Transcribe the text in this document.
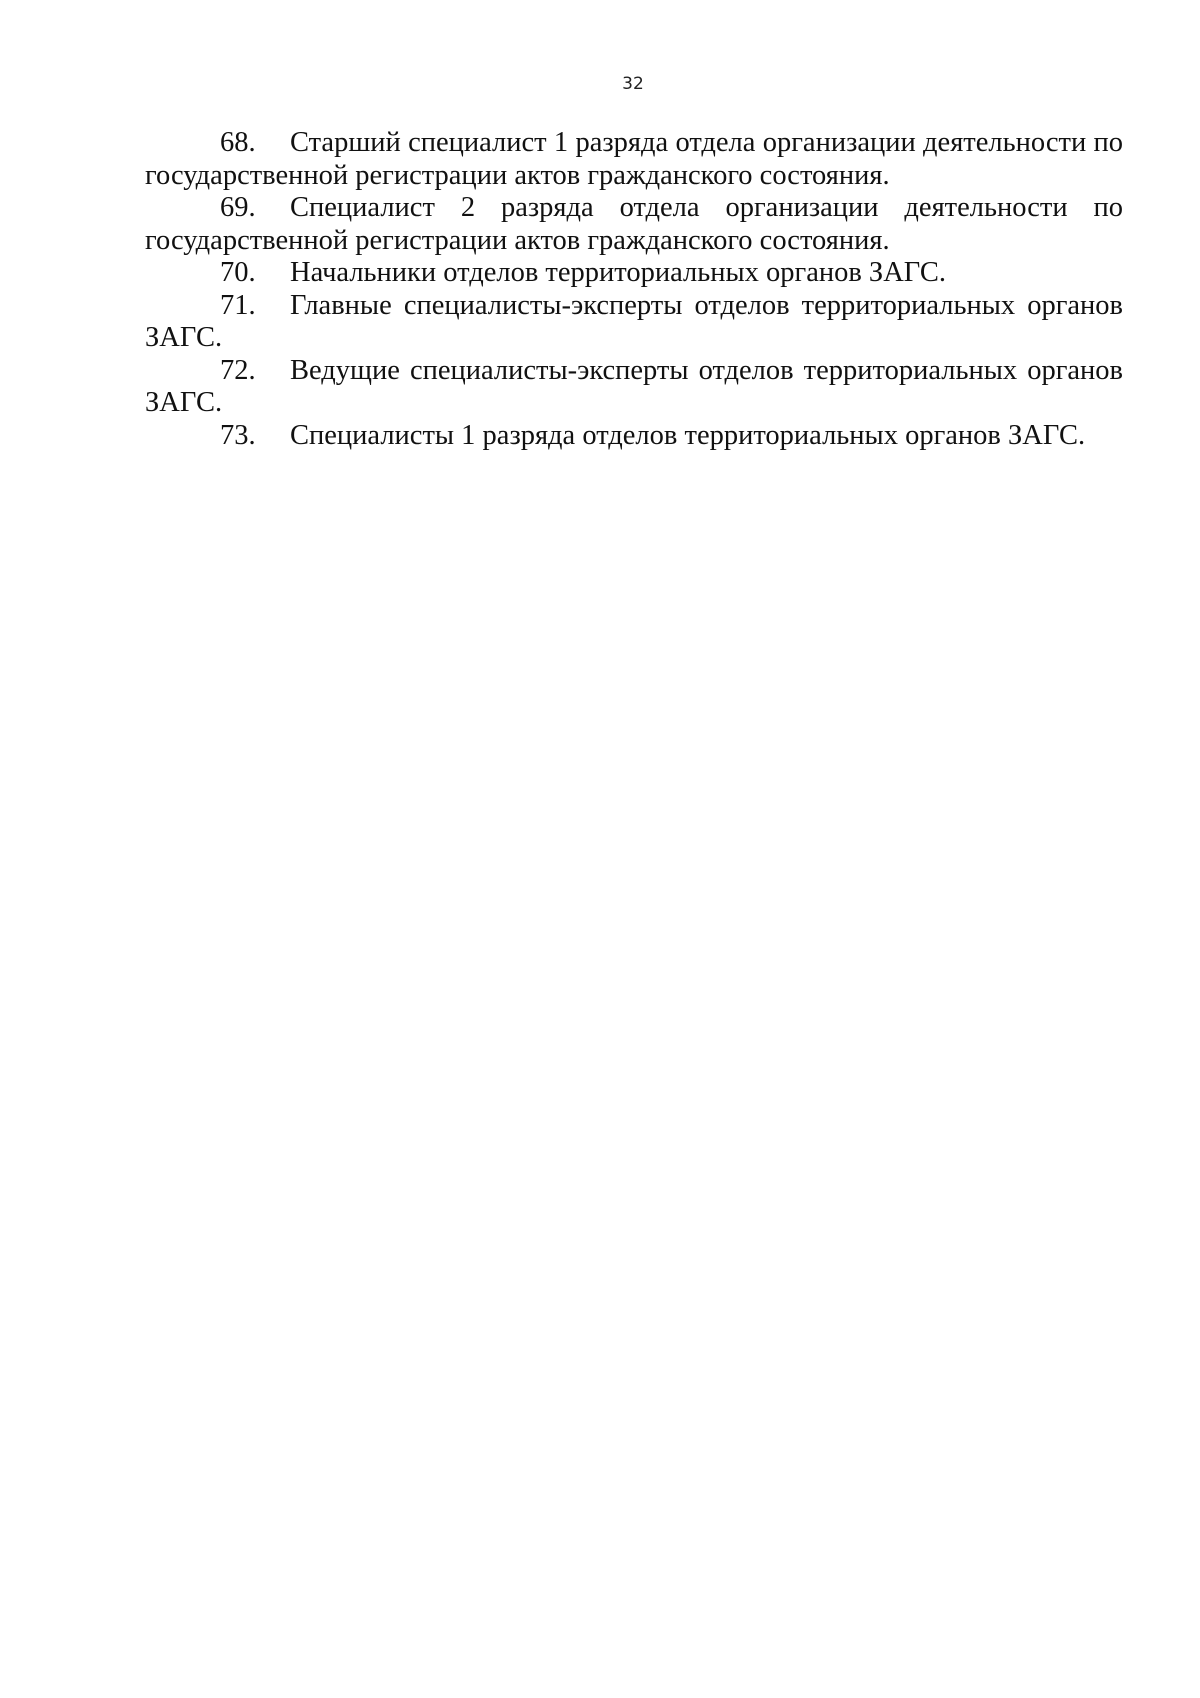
32

68. Старший специалист 1 разряда отдела организации деятельности по государственной регистрации актов гражданского состояния.

69. Специалист 2 разряда отдела организации деятельности по государственной регистрации актов гражданского состояния.

70. Начальники отделов территориальных органов ЗАГС.

71. Главные специалисты-эксперты отделов территориальных органов ЗАГС.

72. Ведущие специалисты-эксперты отделов территориальных органов ЗАГС.

73. Специалисты 1 разряда отделов территориальных органов ЗАГС.
